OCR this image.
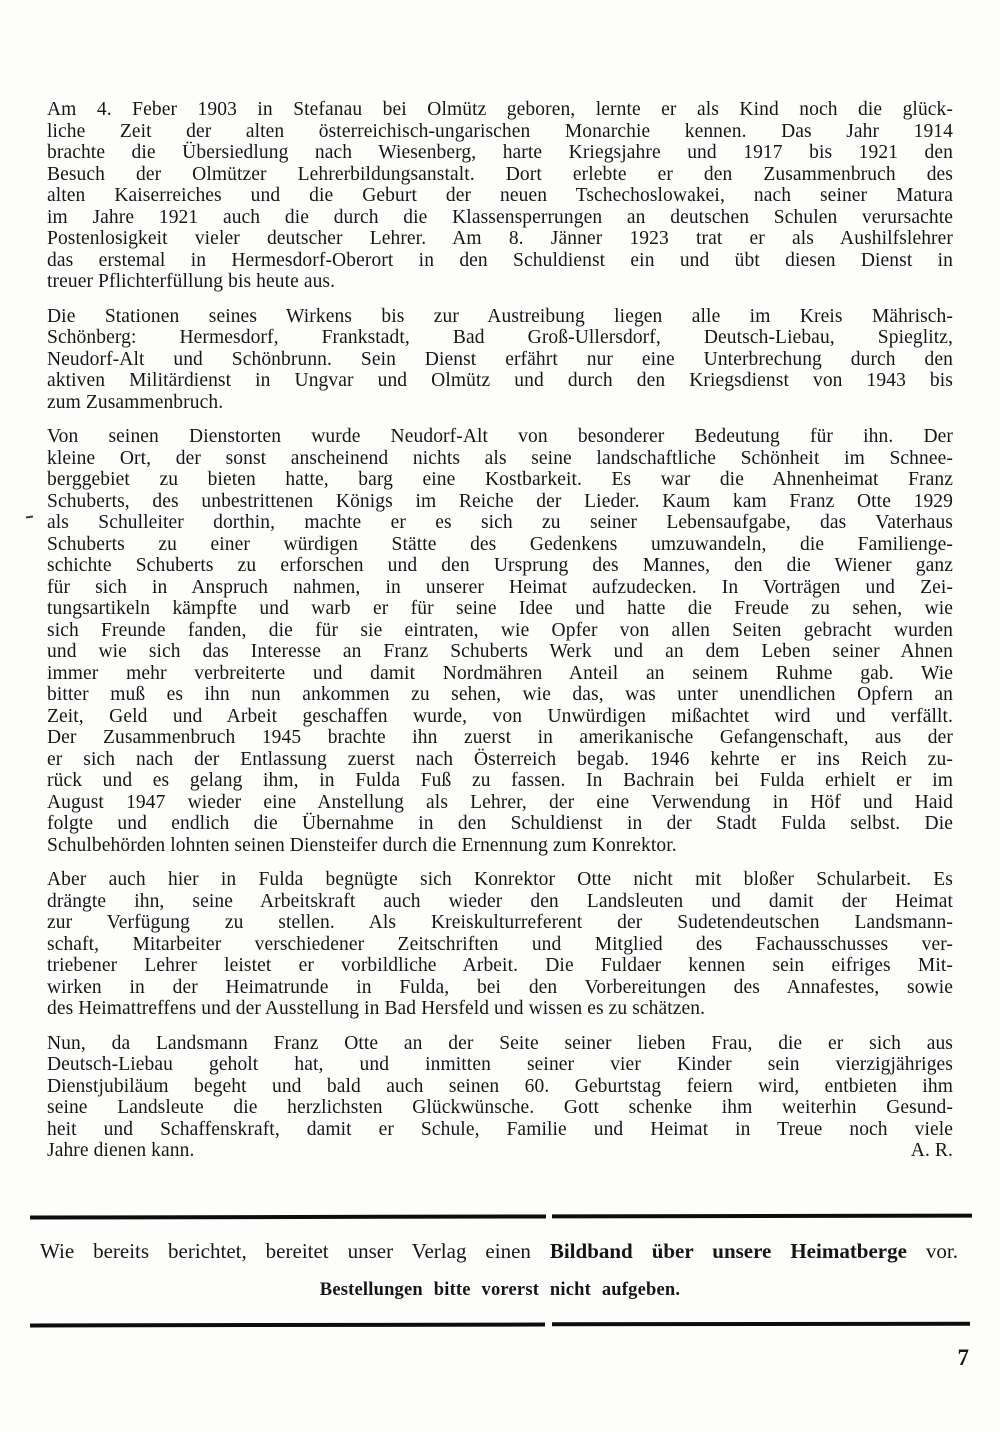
Am 4. Feber 1903 in Stefanau bei Olmütz geboren, lernte er als Kind noch die glück-
liche Zeit der alten österreichisch-ungarischen Monarchie kennen. Das Jahr 1914
brachte die Übersiedlung nach Wiesenberg, harte Kriegsjahre und 1917 bis 1921 den
Besuch der Olmützer Lehrerbildungsanstalt. Dort erlebte er den Zusammenbruch des
alten Kaiserreiches und die Geburt der neuen Tschechoslowakei, nach seiner Matura
im Jahre 1921 auch die durch die Klassensperrungen an deutschen Schulen verursachte
Postenlosigkeit vieler deutscher Lehrer. Am 8. Jänner 1923 trat er als Aushilfslehrer
das erstemal in Hermesdorf-Oberort in den Schuldienst ein und übt diesen Dienst in
treuer Pflichterfüllung bis heute aus.
Die Stationen seines Wirkens bis zur Austreibung liegen alle im Kreis Mährisch-
Schönberg: Hermesdorf, Frankstadt, Bad Groß-Ullersdorf, Deutsch-Liebau, Spieglitz,
Neudorf-Alt und Schönbrunn. Sein Dienst erfährt nur eine Unterbrechung durch den
aktiven Militärdienst in Ungvar und Olmütz und durch den Kriegsdienst von 1943 bis
zum Zusammenbruch.
Von seinen Dienstorten wurde Neudorf-Alt von besonderer Bedeutung für ihn. Der
kleine Ort, der sonst anscheinend nichts als seine landschaftliche Schönheit im Schnee-
berggebiet zu bieten hatte, barg eine Kostbarkeit. Es war die Ahnenheimat Franz
Schuberts, des unbestrittenen Königs im Reiche der Lieder. Kaum kam Franz Otte 1929
als Schulleiter dorthin, machte er es sich zu seiner Lebensaufgabe, das Vaterhaus
Schuberts zu einer würdigen Stätte des Gedenkens umzuwandeln, die Familienge-
schichte Schuberts zu erforschen und den Ursprung des Mannes, den die Wiener ganz
für sich in Anspruch nahmen, in unserer Heimat aufzudecken. In Vorträgen und Zei-
tungsartikeln kämpfte und warb er für seine Idee und hatte die Freude zu sehen, wie
sich Freunde fanden, die für sie eintraten, wie Opfer von allen Seiten gebracht wurden
und wie sich das Interesse an Franz Schuberts Werk und an dem Leben seiner Ahnen
immer mehr verbreiterte und damit Nordmähren Anteil an seinem Ruhme gab. Wie
bitter muß es ihn nun ankommen zu sehen, wie das, was unter unendlichen Opfern an
Zeit, Geld und Arbeit geschaffen wurde, von Unwürdigen mißachtet wird und verfällt.
Der Zusammenbruch 1945 brachte ihn zuerst in amerikanische Gefangenschaft, aus der
er sich nach der Entlassung zuerst nach Österreich begab. 1946 kehrte er ins Reich zu-
rück und es gelang ihm, in Fulda Fuß zu fassen. In Bachrain bei Fulda erhielt er im
August 1947 wieder eine Anstellung als Lehrer, der eine Verwendung in Höf und Haid
folgte und endlich die Übernahme in den Schuldienst in der Stadt Fulda selbst. Die
Schulbehörden lohnten seinen Diensteifer durch die Ernennung zum Konrektor.
Aber auch hier in Fulda begnügte sich Konrektor Otte nicht mit bloßer Schularbeit. Es
drängte ihn, seine Arbeitskraft auch wieder den Landsleuten und damit der Heimat
zur Verfügung zu stellen. Als Kreiskulturreferent der Sudetendeutschen Landsmann-
schaft, Mitarbeiter verschiedener Zeitschriften und Mitglied des Fachausschusses ver-
triebener Lehrer leistet er vorbildliche Arbeit. Die Fuldaer kennen sein eifriges Mit-
wirken in der Heimatrunde in Fulda, bei den Vorbereitungen des Annafestes, sowie
des Heimattreffens und der Ausstellung in Bad Hersfeld und wissen es zu schätzen.
Nun, da Landsmann Franz Otte an der Seite seiner lieben Frau, die er sich aus
Deutsch-Liebau geholt hat, und inmitten seiner vier Kinder sein vierzigjähriges
Dienstjubiläum begeht und bald auch seinen 60. Geburtstag feiern wird, entbieten ihm
seine Landsleute die herzlichsten Glückwünsche. Gott schenke ihm weiterhin Gesund-
heit und Schaffenskraft, damit er Schule, Familie und Heimat in Treue noch viele
Jahre dienen kann.	A. R.
Wie bereits berichtet, bereitet unser Verlag einen Bildband über unsere Heimatberge vor.
Bestellungen bitte vorerst nicht aufgeben.
7
